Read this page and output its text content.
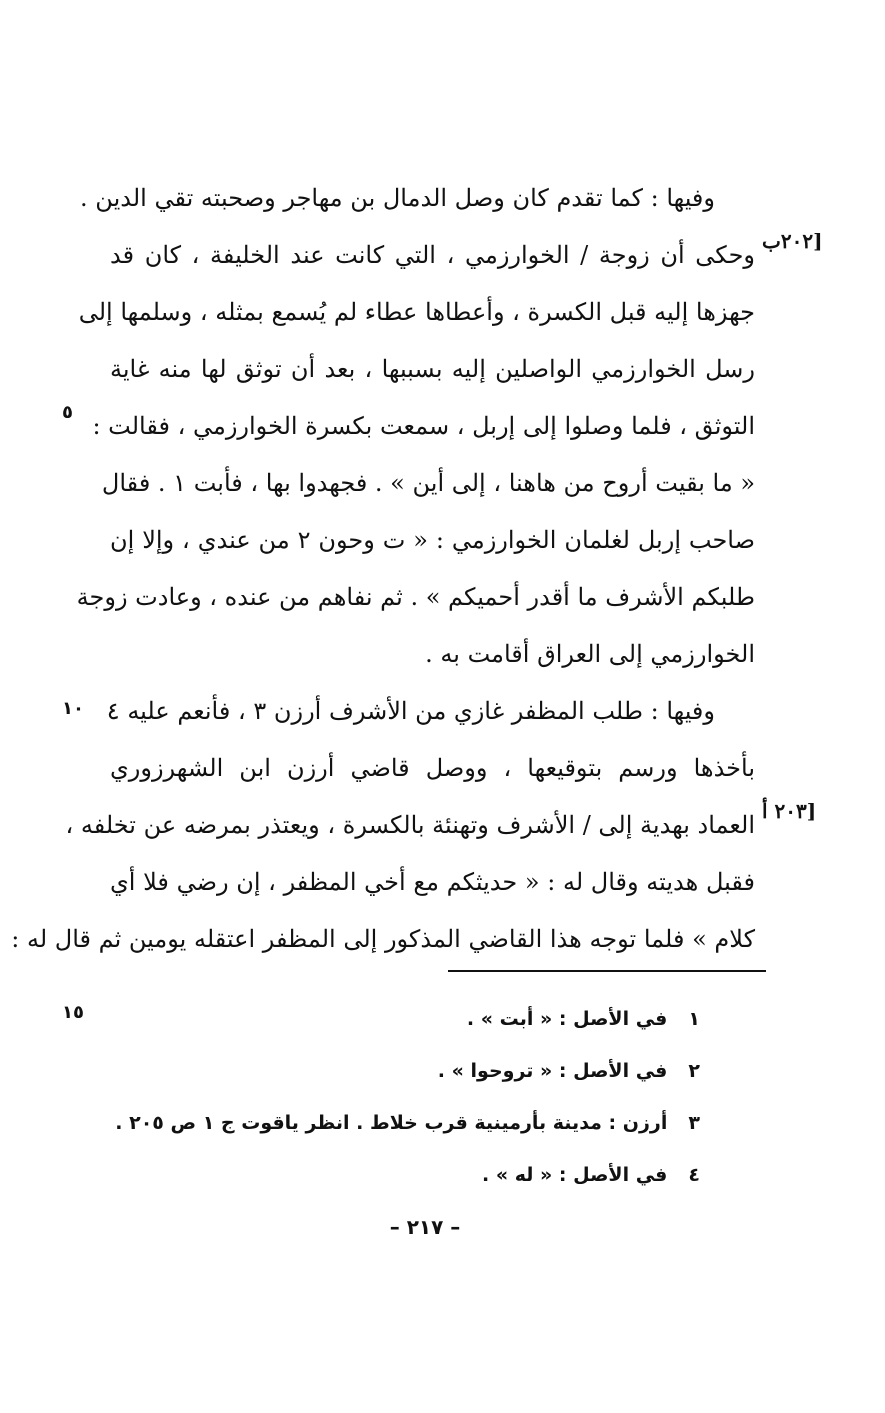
[٢٠٢ب
[٢٠٣ أ
٥
١٠
١٥
وفيها : كما تقدم كان وصل الدمال بن مهاجر وصحبته تقي الدين .
وحكى أن زوجة / الخوارزمي ، التي كانت عند الخليفة ، كان قد
جهزها إليه قبل الكسرة ، وأعطاها عطاء لم يُسمع بمثله ، وسلمها إلى
رسل الخوارزمي الواصلين إليه بسببها ، بعد أن توثق لها منه غاية
التوثق ، فلما وصلوا إلى إربل ، سمعت بكسرة الخوارزمي ، فقالت :
« ما بقيت أروح من هاهنا ، إلى أين » . فجهدوا بها ، فأبت ١ . فقال
صاحب إربل لغلمان الخوارزمي : « ت وحون ٢ من عندي ، وإلا إن
طلبكم الأشرف ما أقدر أحميكم » . ثم نفاهم من عنده ، وعادت زوجة
الخوارزمي إلى العراق أقامت به .
وفيها : طلب المظفر غازي من الأشرف أرزن ٣ ، فأنعم عليه ٤
بأخذها ورسم بتوقيعها ، ووصل قاضي أرزن ابن الشهرزوري
العماد بهدية إلى / الأشرف وتهنئة بالكسرة ، ويعتذر بمرضه عن تخلفه ،
فقبل هديته وقال له : « حديثكم مع أخي المظفر ، إن رضي فلا أي
كلام » فلما توجه هذا القاضي المذكور إلى المظفر اعتقله يومين ثم قال له :
١ في الأصل : « أبت » .
٢ في الأصل : « تروحوا » .
٣ أرزن : مدينة بأرمينية قرب خلاط . انظر ياقوت ج ١ ص ٢٠٥ .
٤ في الأصل : « له » .
– ٢١٧ –
